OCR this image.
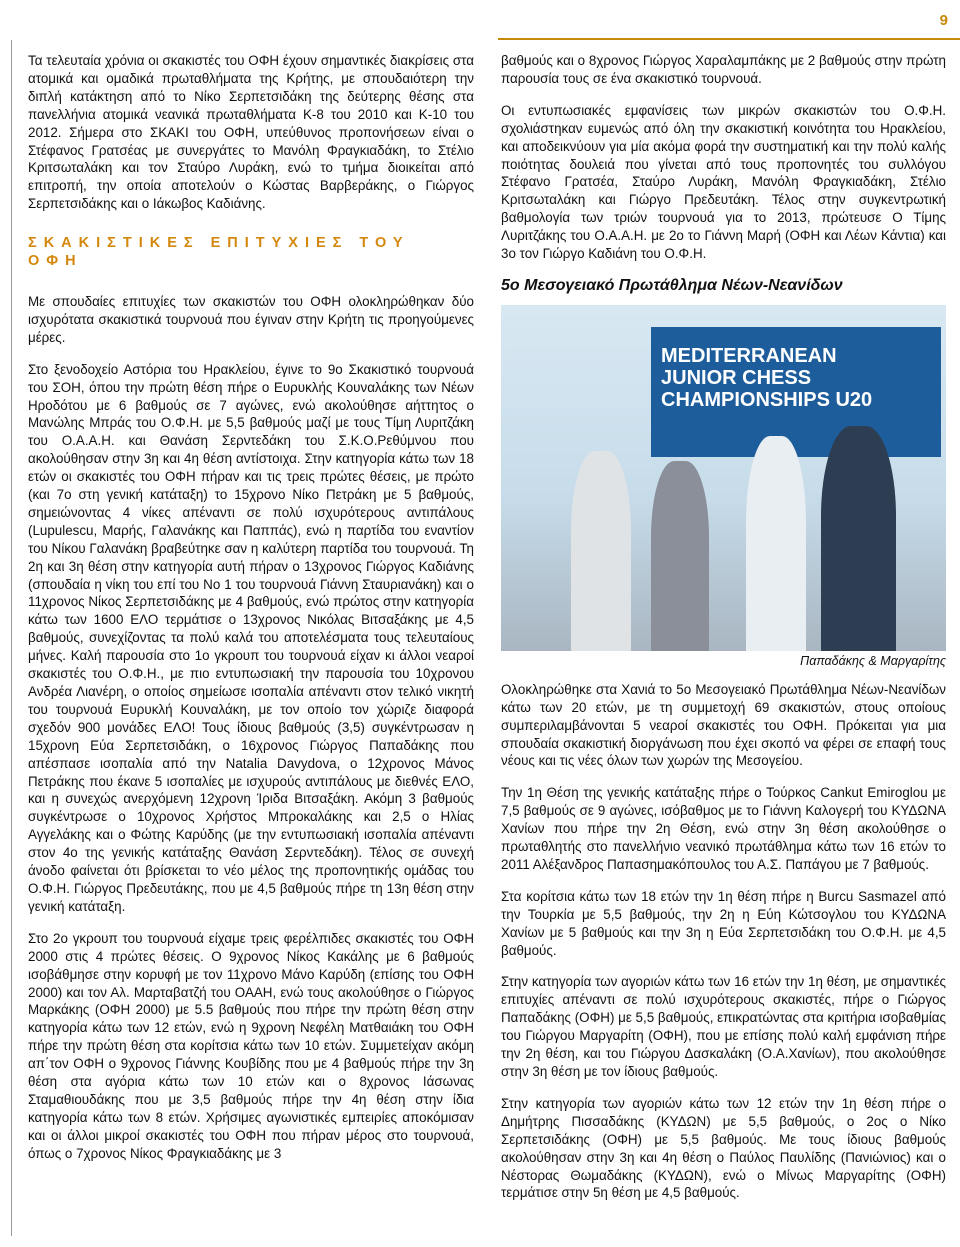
9

Τα τελευταία χρόνια οι σκακιστές του ΟΦΗ έχουν σημαντικές διακρίσεις στα ατομικά και ομαδικά πρωταθλήματα της Κρήτης, με σπουδαιότερη την διπλή κατάκτηση από το Νίκο Σερπετσιδάκη της δεύτερης θέσης στα πανελλήνια ατομικά νεανικά πρωταθλήματα Κ-8 του 2010 και Κ-10 του 2012. Σήμερα στο ΣΚΑΚΙ του ΟΦΗ, υπεύθυνος προπονήσεων είναι ο Στέφανος Γρατσέας με συνεργάτες το Μανόλη Φραγκιαδάκη, το Στέλιο Κριτσωταλάκη και τον Σταύρο Λυράκη, ενώ το τμήμα διοικείται από επιτροπή, την οποία αποτελούν ο Κώστας Βαρβεράκης, ο Γιώργος Σερπετσιδάκης και ο Ιάκωβος Καδιάνης.

ΣΚΑΚΙΣΤΙΚΕΣ ΕΠΙΤΥΧΙΕΣ ΤΟΥ ΟΦΗ

Με σπουδαίες επιτυχίες των σκακιστών του ΟΦΗ ολοκληρώθηκαν δύο ισχυρότατα σκακιστικά τουρνουά που έγιναν στην Κρήτη τις προηγούμενες μέρες.

Στο ξενοδοχείο Αστόρια του Ηρακλείου, έγινε το 9ο Σκακιστικό τουρνουά του ΣΟΗ, όπου την πρώτη θέση πήρε ο Ευρυκλής Κουναλάκης των Νέων Ηροδότου με 6 βαθμούς σε 7 αγώνες, ενώ ακολούθησε αήττητος ο Μανώλης Μπράς του Ο.Φ.Η. με 5,5 βαθμούς μαζί με τους Τίμη Λυριτζάκη του Ο.Α.Α.Η. και Θανάση Σερντεδάκη του Σ.Κ.Ο.Ρεθύμνου που ακολούθησαν στην 3η και 4η θέση αντίστοιχα. Στην κατηγορία κάτω των 18 ετών οι σκακιστές του ΟΦΗ πήραν και τις τρεις πρώτες θέσεις, με πρώτο (και 7ο στη γενική κατάταξη) το 15χρονο Νίκο Πετράκη με 5 βαθμούς, σημειώνοντας 4 νίκες απέναντι σε πολύ ισχυρότερους αντιπάλους (Lupulescu, Μαρής, Γαλανάκης και Παππάς), ενώ η παρτίδα του εναντίον του Νίκου Γαλανάκη βραβεύτηκε σαν η καλύτερη παρτίδα του τουρνουά. Τη 2η και 3η θέση στην κατηγορία αυτή πήραν ο 13χρονος Γιώργος Καδιάνης (σπουδαία η νίκη του επί του Νο 1 του τουρνουά Γιάννη Σταυριανάκη) και ο 11χρονος Νίκος Σερπετσιδάκης με 4 βαθμούς, ενώ πρώτος στην κατηγορία κάτω των 1600 ΕΛΟ τερμάτισε ο 13χρονος Νικόλας Βιτσαξάκης με 4,5 βαθμούς, συνεχίζοντας τα πολύ καλά του αποτελέσματα τους τελευταίους μήνες. Καλή παρουσία στο 1ο γκρουπ του τουρνουά είχαν κι άλλοι νεαροί σκακιστές του Ο.Φ.Η., με πιο εντυπωσιακή την παρουσία του 10χρονου Ανδρέα Λιανέρη, ο οποίος σημείωσε ισοπαλία απέναντι στον τελικό νικητή του τουρνουά Ευρυκλή Κουναλάκη, με τον οποίο τον χώριζε διαφορά σχεδόν 900 μονάδες ΕΛΟ! Τους ίδιους βαθμούς (3,5) συγκέντρωσαν η 15χρονη Εύα Σερπετσιδάκη, ο 16χρονος Γιώργος Παπαδάκης που απέσπασε ισοπαλία από την Natalia Davydova, ο 12χρονος Μάνος Πετράκης που έκανε 5 ισοπαλίες με ισχυρούς αντιπάλους με διεθνές ΕΛΟ, και η συνεχώς ανερχόμενη 12χρονη Ίριδα Βιτσαξάκη. Ακόμη 3 βαθμούς συγκέντρωσε ο 10χρονος Χρήστος Μπροκαλάκης και 2,5 ο Ηλίας Αγγελάκης και ο Φώτης Καρύδης (με την εντυπωσιακή ισοπαλία απέναντι στον 4ο της γενικής κατάταξης Θανάση Σερντεδάκη). Τέλος σε συνεχή άνοδο φαίνεται ότι βρίσκεται το νέο μέλος της προπονητικής ομάδας του Ο.Φ.Η. Γιώργος Πρεδευτάκης, που με 4,5 βαθμούς πήρε τη 13η θέση στην γενική κατάταξη.

Στο 2ο γκρουπ του τουρνουά είχαμε τρεις φερέλπιδες σκακιστές του ΟΦΗ 2000 στις 4 πρώτες θέσεις. Ο 9χρονος Νίκος Κακάλης με 6 βαθμούς ισοβάθμησε στην κορυφή με τον 11χρονο Μάνο Καρύδη (επίσης του ΟΦΗ 2000) και τον Αλ. Μαρταβατζή του ΟΑΑΗ, ενώ τους ακολούθησε ο Γιώργος Μαρκάκης (ΟΦΗ 2000) με 5.5 βαθμούς που πήρε την πρώτη θέση στην κατηγορία κάτω των 12 ετών, ενώ η 9χρονη Νεφέλη Ματθαιάκη του ΟΦΗ πήρε την πρώτη θέση στα κορίτσια κάτω των 10 ετών. Συμμετείχαν ακόμη απ΄τον ΟΦΗ ο 9χρονος Γιάννης Κουβίδης που με 4 βαθμούς πήρε την 3η θέση στα αγόρια κάτω των 10 ετών και ο 8χρονος Ιάσωνας Σταμαθιουδάκης που με 3,5 βαθμούς πήρε την 4η θέση στην ίδια κατηγορία κάτω των 8 ετών. Χρήσιμες αγωνιστικές εμπειρίες αποκόμισαν και οι άλλοι μικροί σκακιστές του ΟΦΗ που πήραν μέρος στο τουρνουά, όπως ο 7χρονος Νίκος Φραγκιαδάκης με 3

βαθμούς και ο 8χρονος Γιώργος Χαραλαμπάκης με 2 βαθμούς στην πρώτη παρουσία τους σε ένα σκακιστικό τουρνουά.

Οι εντυπωσιακές εμφανίσεις των μικρών σκακιστών του Ο.Φ.Η. σχολιάστηκαν ευμενώς από όλη την σκακιστική κοινότητα του Ηρακλείου, και αποδεικνύουν για μία ακόμα φορά την συστηματική και την πολύ καλής ποιότητας δουλειά που γίνεται από τους προπονητές του συλλόγου Στέφανο Γρατσέα, Σταύρο Λυράκη, Μανόλη Φραγκιαδάκη, Στέλιο Κριτσωταλάκη και Γιώργο Πρεδευτάκη. Τέλος στην συγκεντρωτική βαθμολογία των τριών τουρνουά για το 2013, πρώτευσε Ο Τίμης Λυριτζάκης του Ο.Α.Α.Η. με 2ο το Γιάννη Μαρή (ΟΦΗ και Λέων Κάντια) και 3ο τον Γιώργο Καδιάνη του Ο.Φ.Η.

5ο Μεσογειακό Πρωτάθλημα Νέων-Νεανίδων
MEDITERRANEAN
JUNIOR CHESS
CHAMPIONSHIPS U20
Παπαδάκης & Μαργαρίτης

Ολοκληρώθηκε στα Χανιά το 5ο Μεσογειακό Πρωτάθλημα Νέων-Νεανίδων κάτω των 20 ετών, με τη συμμετοχή 69 σκακιστών, στους οποίους συμπεριλαμβάνονται 5 νεαροί σκακιστές του ΟΦΗ. Πρόκειται για μια σπουδαία σκακιστική διοργάνωση που έχει σκοπό να φέρει σε επαφή τους νέους και τις νέες όλων των χωρών της Μεσογείου.

Την 1η Θέση της γενικής κατάταξης πήρε ο Τούρκος Cankut Emiroglou με 7,5 βαθμούς σε 9 αγώνες, ισόβαθμος με το Γιάννη Καλογερή του ΚΥΔΩΝΑ Χανίων που πήρε την 2η Θέση, ενώ στην 3η θέση ακολούθησε ο πρωταθλητής στο πανελλήνιο νεανικό πρωτάθλημα κάτω των 16 ετών το 2011 Αλέξανδρος Παπασημακόπουλος του Α.Σ. Παπάγου με 7 βαθμούς.

Στα κορίτσια κάτω των 18 ετών την 1η θέση πήρε η Burcu Sasmazel από την Τουρκία με 5,5 βαθμούς, την 2η η Εύη Κώτσογλου του ΚΥΔΩΝΑ Χανίων με 5 βαθμούς και την 3η η Εύα Σερπετσιδάκη του Ο.Φ.Η. με 4,5 βαθμούς.

Στην κατηγορία των αγοριών κάτω των 16 ετών την 1η θέση, με σημαντικές επιτυχίες απέναντι σε πολύ ισχυρότερους σκακιστές, πήρε ο Γιώργος Παπαδάκης (ΟΦΗ) με 5,5 βαθμούς, επικρατώντας στα κριτήρια ισοβαθμίας του Γιώργου Μαργαρίτη (ΟΦΗ), που με επίσης πολύ καλή εμφάνιση πήρε την 2η θέση, και του Γιώργου Δασκαλάκη (Ο.Α.Χανίων), που ακολούθησε στην 3η θέση με τον ίδιους βαθμούς.

Στην κατηγορία των αγοριών κάτω των 12 ετών την 1η θέση πήρε ο Δημήτρης Πισσαδάκης (ΚΥΔΩΝ) με 5,5 βαθμούς, ο 2ος ο Νίκο Σερπετσιδάκης (ΟΦΗ) με 5,5 βαθμούς. Με τους ίδιους βαθμούς ακολούθησαν στην 3η και 4η θέση ο Παύλος Παυλίδης (Πανιώνιος) και ο Νέστορας Θωμαδάκης (ΚΥΔΩΝ), ενώ ο Μίνως Μαργαρίτης (ΟΦΗ) τερμάτισε στην 5η θέση με 4,5 βαθμούς.
